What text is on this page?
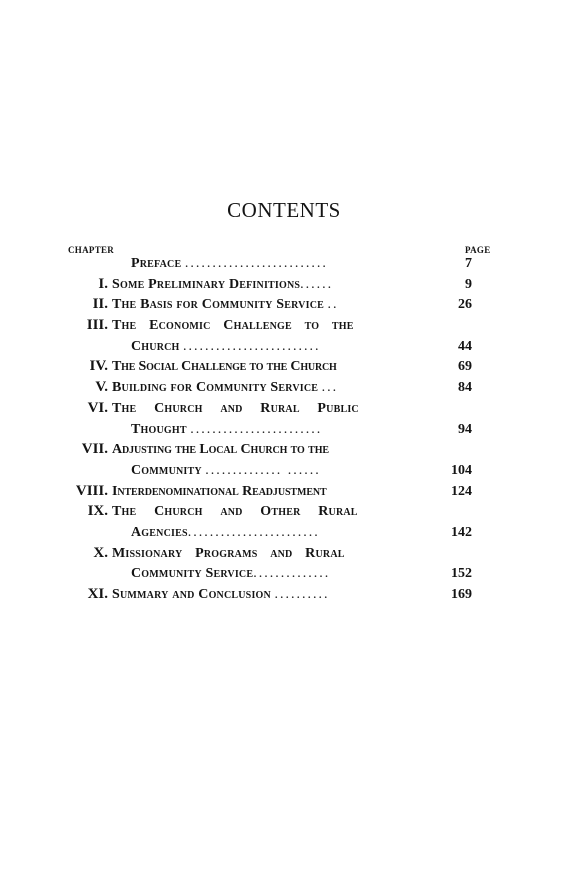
CONTENTS
CHAPTER	PAGE
Preface ..........................	7
I. Some Preliminary Definitions......	9
II. The Basis for Community Service ..	26
III. The Economic Challenge to the
Church .........................	44
IV. The Social Challenge to the Church	69
V. Building for Community Service ...	84
VI. The Church and Rural Public
Thought ........................	94
VII. Adjusting the Local Church to the
Community .............. ......	104
VIII. Interdenominational Readjustment	124
IX. The Church and Other Rural
Agencies........................	142
X. Missionary Programs and Rural
Community Service..............	152
XI. Summary and Conclusion ..........	169
